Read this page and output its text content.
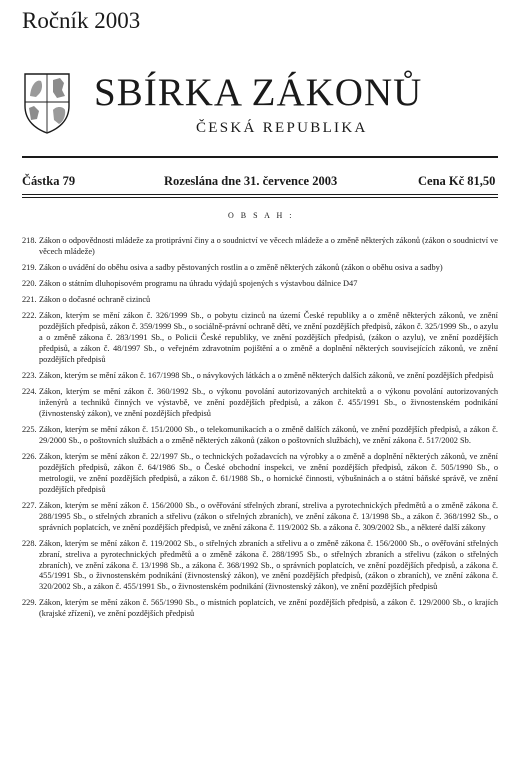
Ročník 2003
SBÍRKA ZÁKONŮ
ČESKÁ REPUBLIKA
Částka 79	Rozeslána dne 31. července 2003	Cena Kč 81,50
O B S A H :
218. Zákon o odpovědnosti mládeže za protiprávní činy a o soudnictví ve věcech mládeže a o změně některých zákonů (zákon o soudnictví ve věcech mládeže)
219. Zákon o uvádění do oběhu osiva a sadby pěstovaných rostlin a o změně některých zákonů (zákon o oběhu osiva a sadby)
220. Zákon o státním dluhopisovém programu na úhradu výdajů spojených s výstavbou dálnice D47
221. Zákon o dočasné ochraně cizinců
222. Zákon, kterým se mění zákon č. 326/1999 Sb., o pobytu cizinců na území České republiky a o změně některých zákonů, ve znění pozdějších předpisů, zákon č. 359/1999 Sb., o sociálně-právní ochraně dětí, ve znění pozdějších předpisů, zákon č. 325/1999 Sb., o azylu a o změně zákona č. 283/1991 Sb., o Policii České republiky, ve znění pozdějších předpisů, (zákon o azylu), ve znění pozdějších předpisů, a zákon č. 48/1997 Sb., o veřejném zdravotním pojištění a o změně a doplnění některých souvisejících zákonů, ve znění pozdějších předpisů
223. Zákon, kterým se mění zákon č. 167/1998 Sb., o návykových látkách a o změně některých dalších zákonů, ve znění pozdějších předpisů
224. Zákon, kterým se mění zákon č. 360/1992 Sb., o výkonu povolání autorizovaných architektů a o výkonu povolání autorizovaných inženýrů a techniků činných ve výstavbě, ve znění pozdějších předpisů, a zákon č. 455/1991 Sb., o živnostenském podnikání (živnostenský zákon), ve znění pozdějších předpisů
225. Zákon, kterým se mění zákon č. 151/2000 Sb., o telekomunikacích a o změně dalších zákonů, ve znění pozdějších předpisů, a zákon č. 29/2000 Sb., o poštovních službách a o změně některých zákonů (zákon o poštovních službách), ve znění zákona č. 517/2002 Sb.
226. Zákon, kterým se mění zákon č. 22/1997 Sb., o technických požadavcích na výrobky a o změně a doplnění některých zákonů, ve znění pozdějších předpisů, zákon č. 64/1986 Sb., o České obchodní inspekci, ve znění pozdějších předpisů, zákon č. 505/1990 Sb., o metrologii, ve znění pozdějších předpisů, a zákon č. 61/1988 Sb., o hornické činnosti, výbušninách a o státní báňské správě, ve znění pozdějších předpisů
227. Zákon, kterým se mění zákon č. 156/2000 Sb., o ověřování střelných zbraní, streliva a pyrotechnických předmětů a o změně zákona č. 288/1995 Sb., o střelných zbraních a střelivu (zákon o střelných zbraních), ve znění zákona č. 13/1998 Sb., a zákon č. 368/1992 Sb., o správních poplatcích, ve znění pozdějších předpisů, ve znění zákona č. 119/2002 Sb. a zákona č. 309/2002 Sb., a některé další zákony
228. Zákon, kterým se mění zákon č. 119/2002 Sb., o střelných zbraních a střelivu a o změně zákona č. 156/2000 Sb., o ověřování střelných zbraní, streliva a pyrotechnických předmětů a o změně zákona č. 288/1995 Sb., o střelných zbraních a střelivu (zákon o střelných zbraních), ve znění zákona č. 13/1998 Sb., a zákona č. 368/1992 Sb., o správních poplatcích, ve znění pozdějších předpisů, a zákona č. 455/1991 Sb., o živnostenském podnikání (živnostenský zákon), ve znění pozdějších předpisů, (zákon o zbraních), ve znění zákona č. 320/2002 Sb., a zákon č. 455/1991 Sb., o živnostenském podnikání (živnostenský zákon), ve znění pozdějších předpisů
229. Zákon, kterým se mění zákon č. 565/1990 Sb., o místních poplatcích, ve znění pozdějších předpisů, a zákon č. 129/2000 Sb., o krajích (krajské zřízení), ve znění pozdějších předpisů
